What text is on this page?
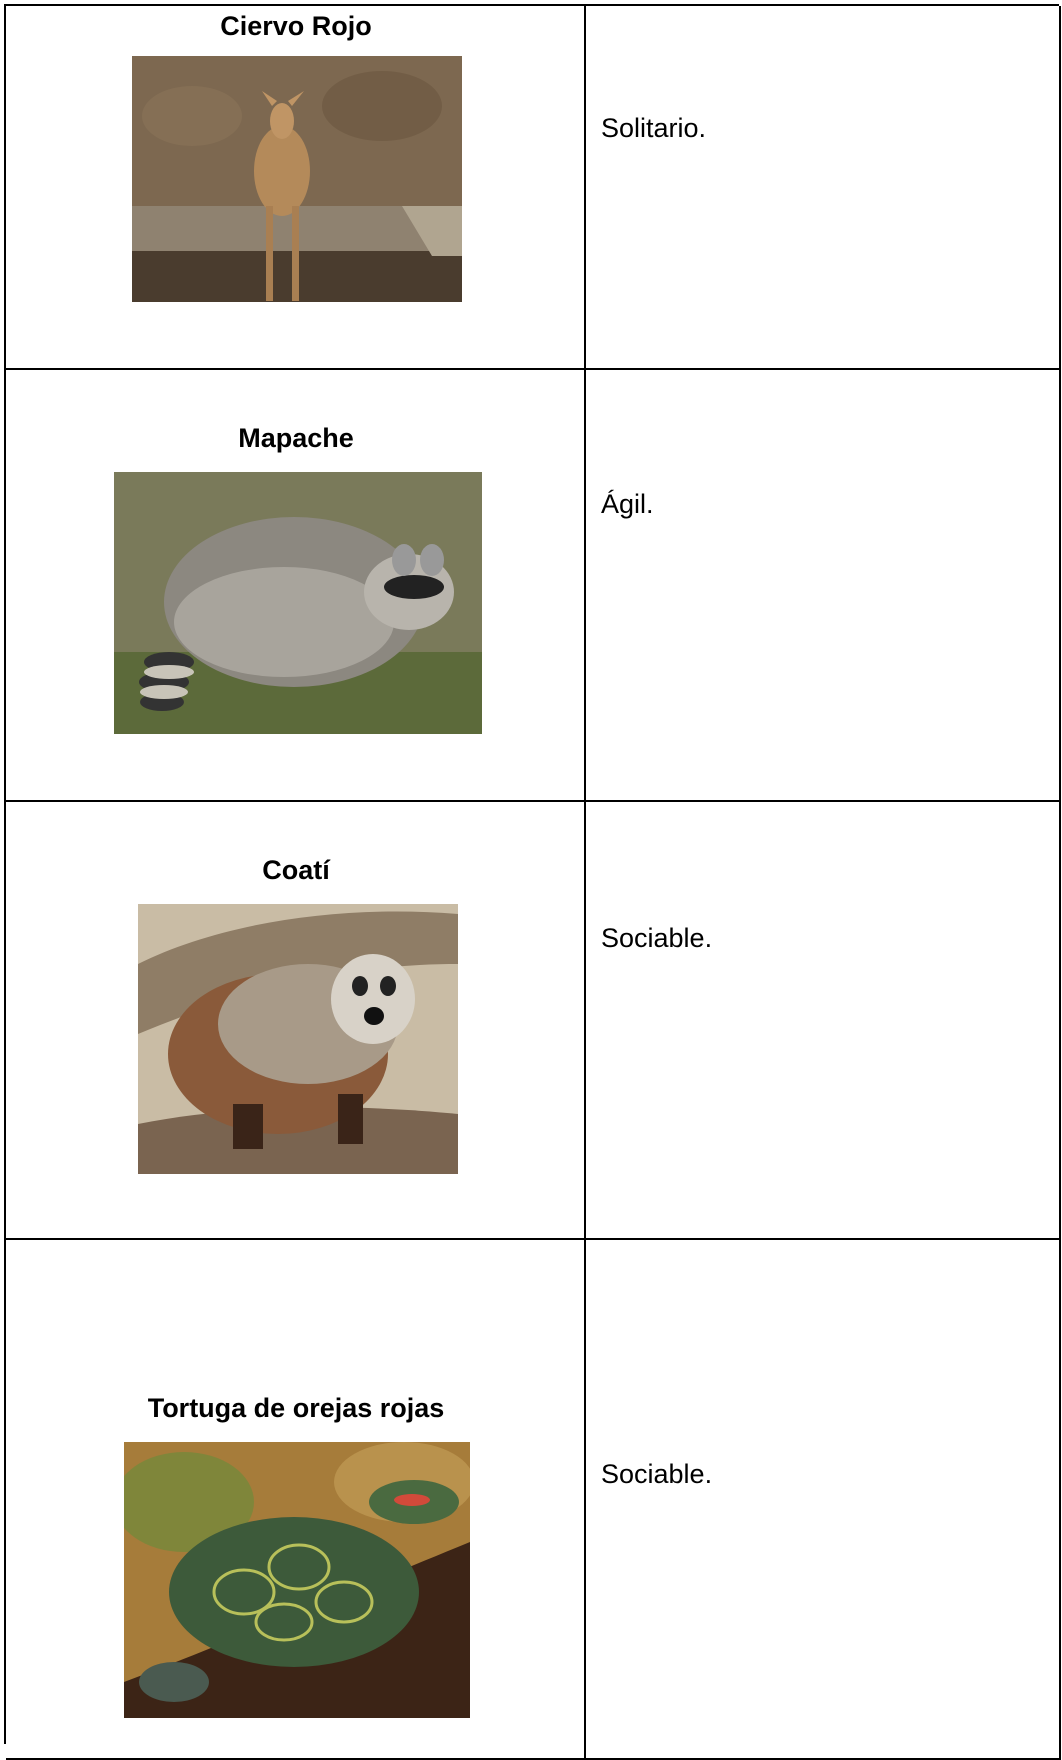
Ciervo Rojo
Solitario.
Mapache
Ágil.
Coatí
Sociable.
Tortuga de orejas rojas
Sociable.
